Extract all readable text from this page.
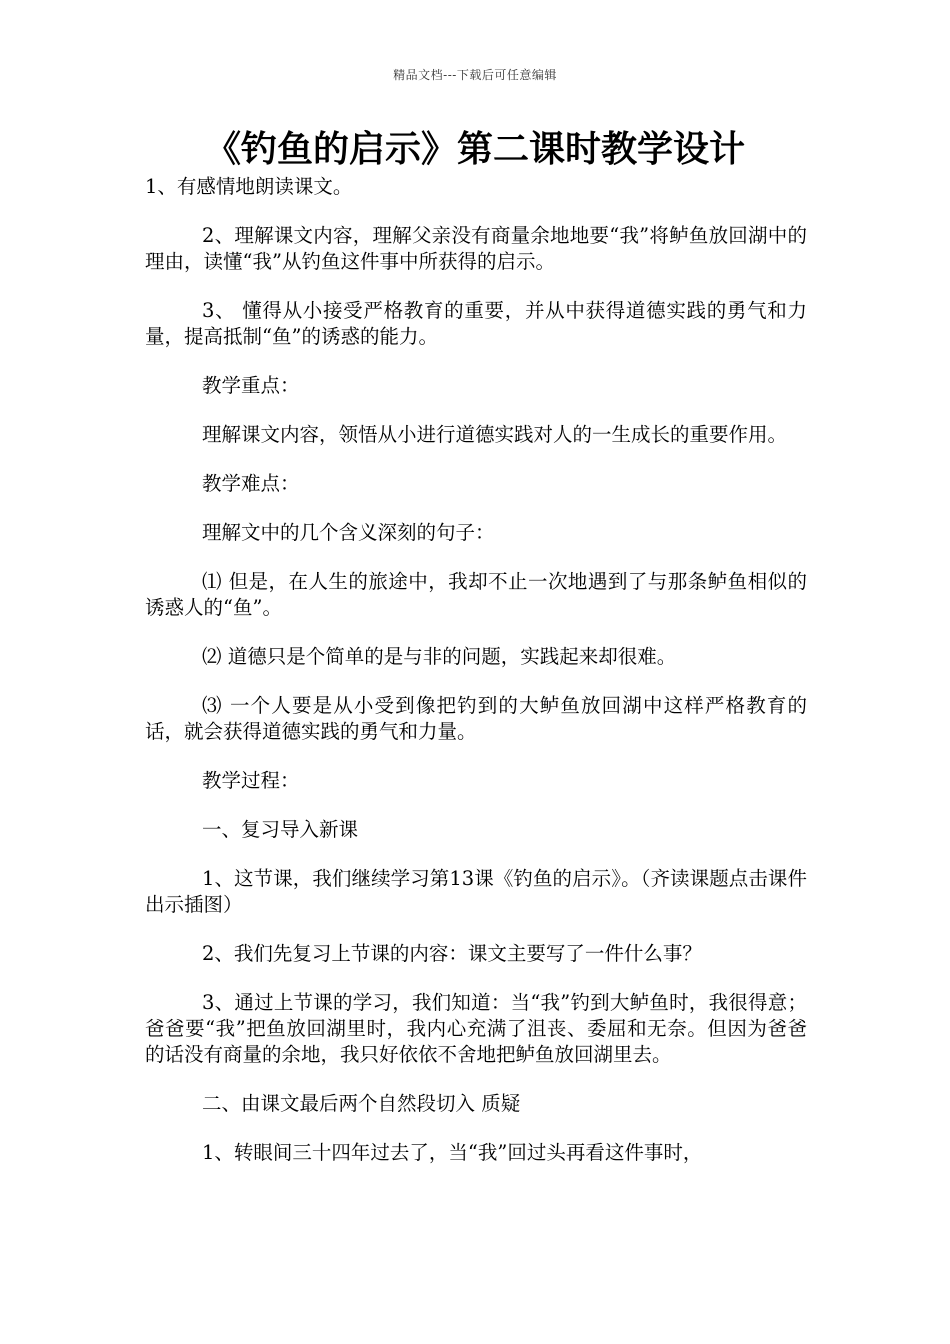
精品文档---下载后可任意编辑
《钓鱼的启示》第二课时教学设计

1、有感情地朗读课文。

2、理解课文内容，理解父亲没有商量余地地要“我”将鲈鱼放回湖中的理由，读懂“我”从钓鱼这件事中所获得的启示。

3、 懂得从小接受严格教育的重要，并从中获得道德实践的勇气和力量，提高抵制“鱼”的诱惑的能力。

教学重点：

理解课文内容，领悟从小进行道德实践对人的一生成长的重要作用。

教学难点：

理解文中的几个含义深刻的句子：

⑴ 但是，在人生的旅途中，我却不止一次地遇到了与那条鲈鱼相似的诱惑人的“鱼”。

⑵ 道德只是个简单的是与非的问题，实践起来却很难。

⑶ 一个人要是从小受到像把钓到的大鲈鱼放回湖中这样严格教育的话，就会获得道德实践的勇气和力量。

教学过程：

一、复习导入新课

1、这节课，我们继续学习第13课《钓鱼的启示》。（齐读课题点击课件出示插图）

2、我们先复习上节课的内容：课文主要写了一件什么事？

3、通过上节课的学习，我们知道：当“我”钓到大鲈鱼时，我很得意；爸爸要“我”把鱼放回湖里时，我内心充满了沮丧、委屈和无奈。但因为爸爸的话没有商量的余地，我只好依依不舍地把鲈鱼放回湖里去。

二、由课文最后两个自然段切入 质疑

1、转眼间三十四年过去了，当“我”回过头再看这件事时，
